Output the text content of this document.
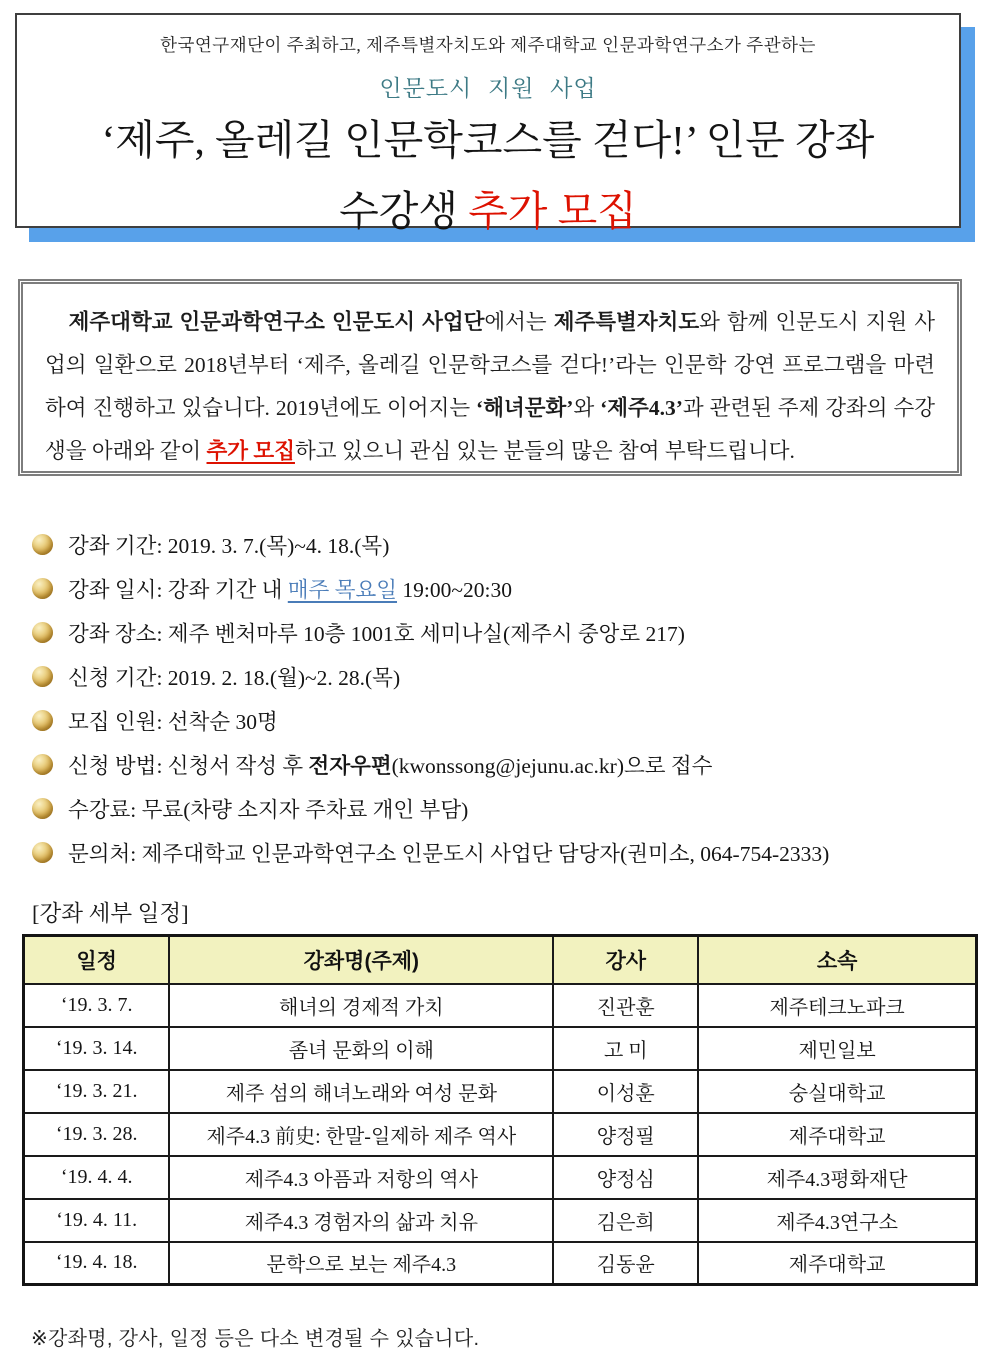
한국연구재단이 주최하고, 제주특별자치도와 제주대학교 인문과학연구소가 주관하는
인문도시 지원 사업
‘제주, 올레길 인문학코스를 걷다!’ 인문 강좌
수강생 추가 모집

제주대학교 인문과학연구소 인문도시 사업단에서는 제주특별자치도와 함께 인문도시 지원 사업의 일환으로 2018년부터 ‘제주, 올레길 인문학코스를 걷다!’라는 인문학 강연 프로그램을 마련하여 진행하고 있습니다. 2019년에도 이어지는 ‘해녀문화’와 ‘제주4.3’과 관련된 주제 강좌의 수강생을 아래와 같이 추가 모집하고 있으니 관심 있는 분들의 많은 참여 부탁드립니다.

강좌 기간: 2019. 3. 7.(목)~4. 18.(목)
강좌 일시: 강좌 기간 내 매주 목요일 19:00~20:30
강좌 장소: 제주 벤처마루 10층 1001호 세미나실(제주시 중앙로 217)
신청 기간: 2019. 2. 18.(월)~2. 28.(목)
모집 인원: 선착순 30명
신청 방법: 신청서 작성 후 전자우편(kwonssong@jejunu.ac.kr)으로 접수
수강료: 무료(차량 소지자 주차료 개인 부담)
문의처: 제주대학교 인문과학연구소 인문도시 사업단 담당자(권미소, 064-754-2333)
[강좌 세부 일정]
일정	강좌명(주제)	강사	소속
‘19. 3. 7.	해녀의 경제적 가치	진관훈	제주테크노파크
‘19. 3. 14.	좀녀 문화의 이해	고 미	제민일보
‘19. 3. 21.	제주 섬의 해녀노래와 여성 문화	이성훈	숭실대학교
‘19. 3. 28.	제주4.3 前史: 한말-일제하 제주 역사	양정필	제주대학교
‘19. 4. 4.	제주4.3 아픔과 저항의 역사	양정심	제주4.3평화재단
‘19. 4. 11.	제주4.3 경험자의 삶과 치유	김은희	제주4.3연구소
‘19. 4. 18.	문학으로 보는 제주4.3	김동윤	제주대학교
※강좌명, 강사, 일정 등은 다소 변경될 수 있습니다.
